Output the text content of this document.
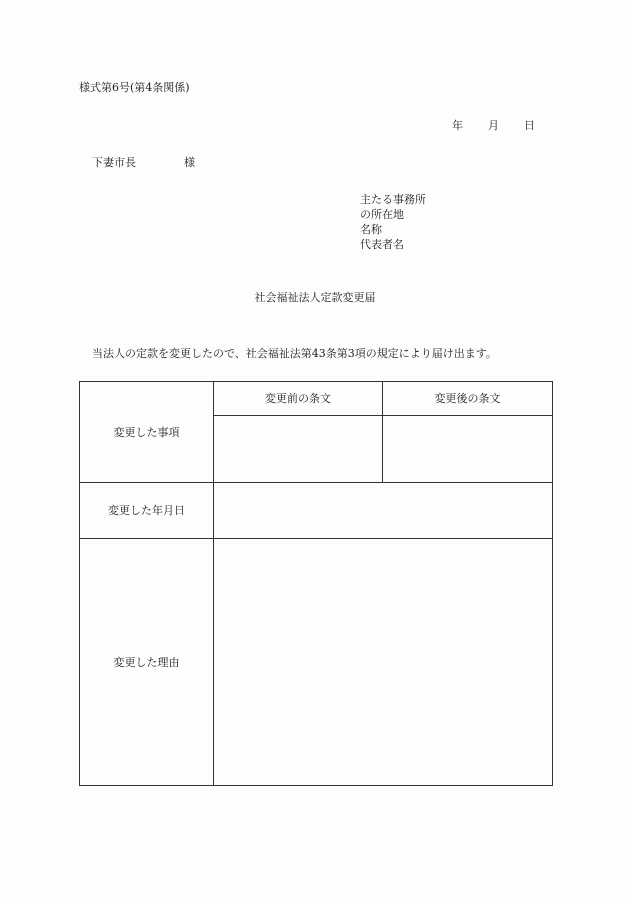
様式第6号(第4条関係)
年 月 日
下妻市長	様
主たる事務所
の所在地
名称
代表者名
社会福祉法人定款変更届
当法人の定款を変更したので、社会福祉法第43条第3項の規定により届け出ます。
変更した事項	変更前の条文	変更後の条文

変更した年月日		
変更した理由		
